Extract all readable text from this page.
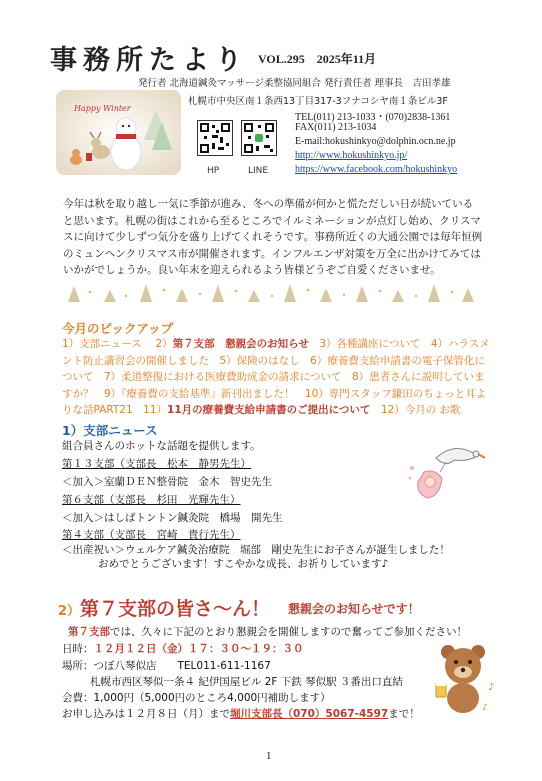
事務所たより VOL.295　2025年11月
発行者 北海道鍼灸マッサージ柔整協同組合 発行責任者 理事長　吉田孝雄
札幌市中央区南１条西13丁目317-3フナコシヤ南１条ビル3F
Happy Winter
HP	LINE
TEL(011) 213-1033・(070)2838-1361
FAX(011) 213-1034
E-mail:hokushinkyo@dolphin.ocn.ne.jp
http://www.hokushinkyo.jp/
https://www.facebook.com/hokushinkyo
今年は秋を取り越し一気に季節が進み、冬への準備が何かと慌ただしい日が続いていると思います。札幌の街はこれから至るところでイルミネーションが点灯し始め、クリスマスに向けて少しずつ気分を盛り上げてくれそうです。事務所近くの大通公園では毎年恒例のミュンヘンクリスマス市が開催されます。インフルエンザ対策を万全に出かけてみてはいかがでしょうか。良い年末を迎えられるよう皆様どうぞご自愛くださいませ。
今月のピックアップ
1）支部ニュース　 2）第７支部　懇親会のお知らせ　3）各種講座について　4）ハラスメント防止講習会の開催しました　5）保険のはなし　6）療養費支給申請書の電子保管化について　7）柔道整復における医療費助成金の請求について　8）患者さんに説明していますか？　9）『療養費の支給基準』新刊出ました！　10）専門スタッフ鎌田のちょっと耳よりな話PART21　11）11月の療養費支給申請書のご提出について　12）今月の お歌
1）支部ニュース
組合員さんのホットな話題を提供します。
第１３支部（支部長　松本　静男先生）
＜加入＞室蘭ＤＥＮ整骨院　金木　智史先生
第６支部（支部長　杉田　光輝先生）
＜加入＞はしばトントン鍼灸院　橋場　開先生
第４支部（支部長　宮崎　貴行先生）
＜出産祝い＞ウェルケア鍼灸治療院　堀部　剛史先生にお子さんが誕生しました！
おめでとうございます！すこやかな成長、お祈りしています♪
2） 第７支部の皆さ～ん！ 懇親会のお知らせです！
第７支部では、久々に下記のとおり懇親会を開催しますので奮ってご参加ください！
日時：１２月１２日（金）１７：３０～１９：３０
場所：つぼ八琴似店　　TEL011-611-1167
札幌市西区琴似一条４ 紀伊国屋ビル 2F 下鉄 琴似駅 ３番出口直結
会費：1,000円（5,000円のところ4,000円補助します）
お申し込みは１２月８日（月）まで堀川支部長（070）5067-4597まで！
♪
♪
1
